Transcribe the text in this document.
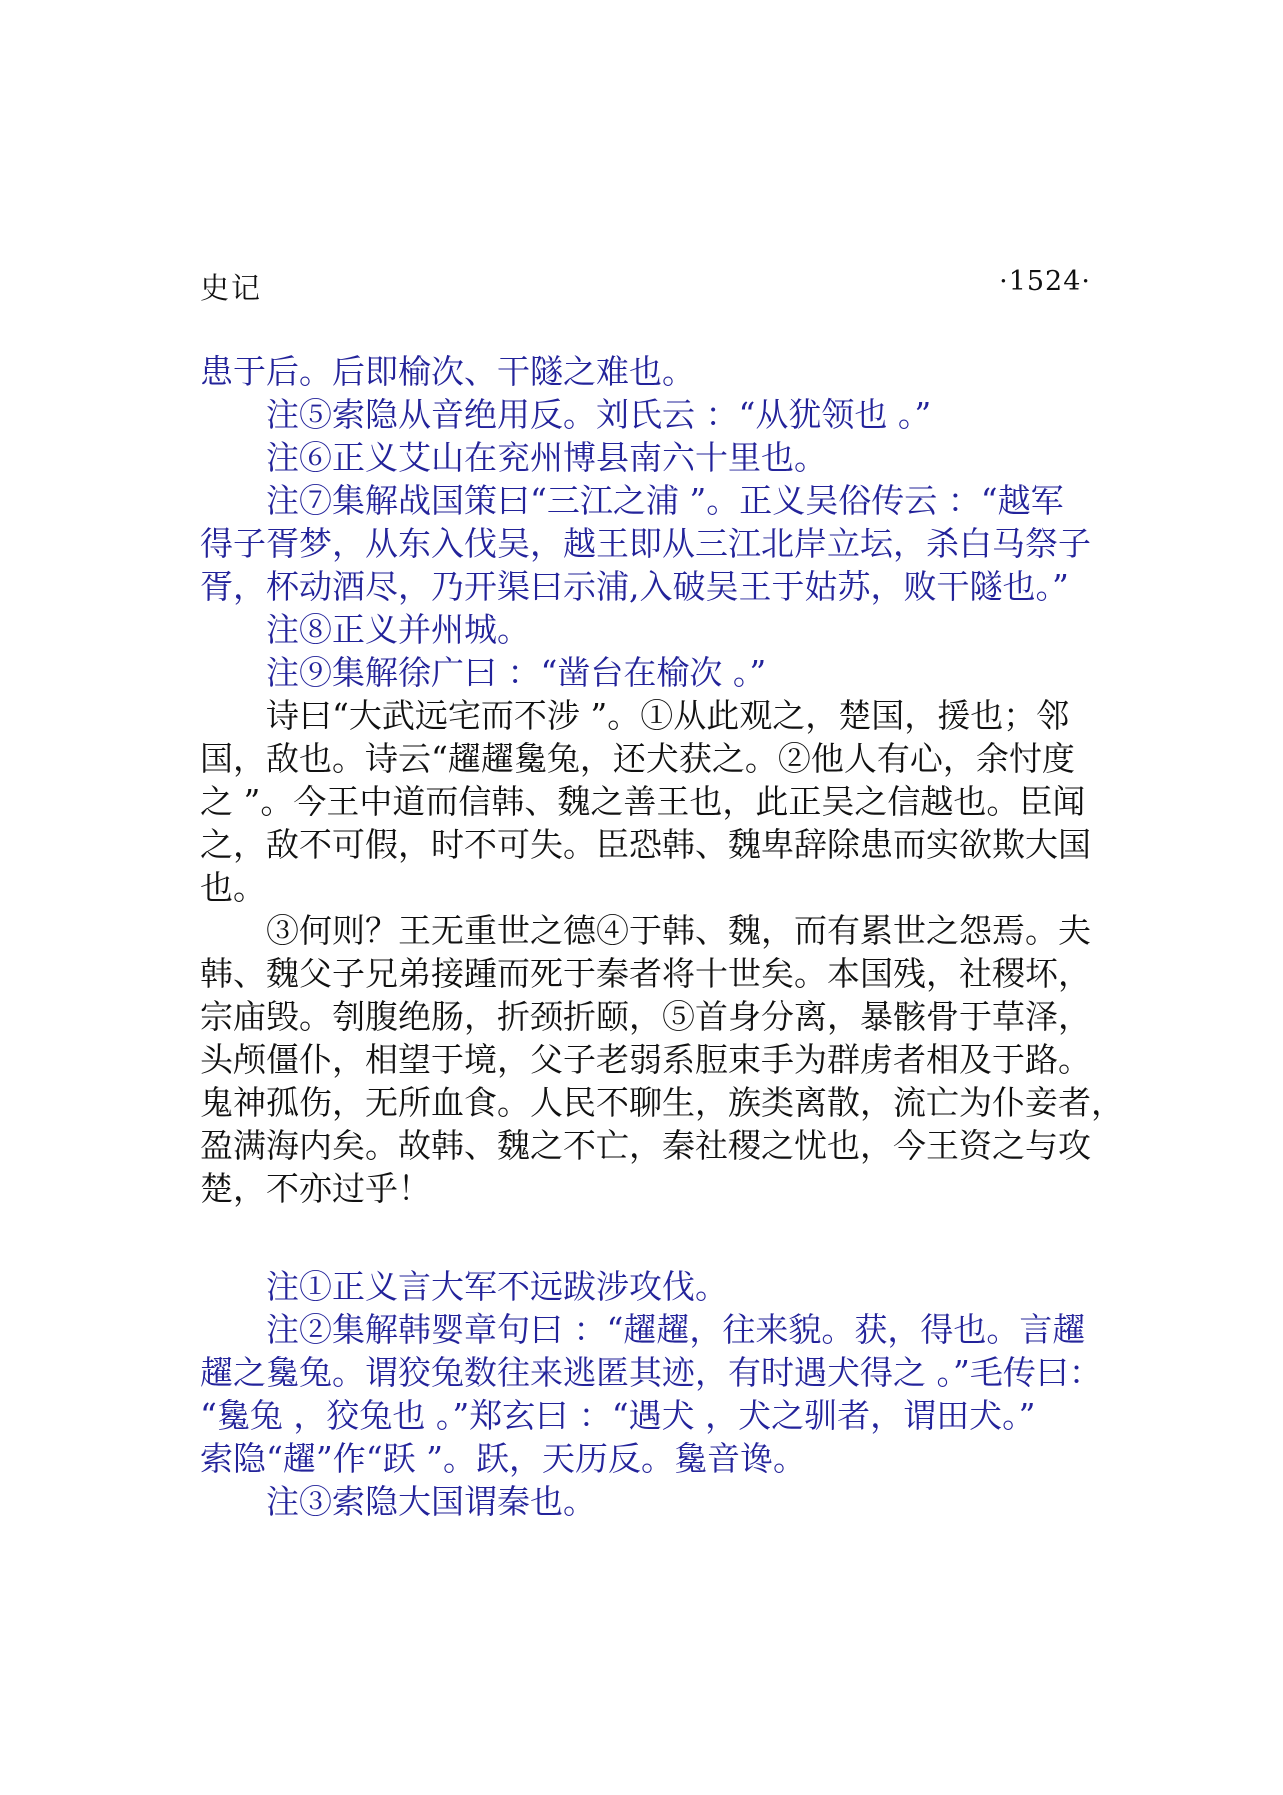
史记	·1524·
患于后。后即榆次、干隧之难也。
注⑤索隐从音绝用反。刘氏云 ：“从犹领也 。”
注⑥正义艾山在兖州博县南六十里也。
注⑦集解战国策曰“三江之浦 ”。正义吴俗传云 ：“越军
得子胥梦，从东入伐吴，越王即从三江北岸立坛，杀白马祭子
胥，杯动酒尽，乃开渠曰示浦,入破吴王于姑苏，败干隧也。”
注⑧正义并州城。
注⑨集解徐广曰 ：“凿台在榆次 。”
诗曰“大武远宅而不涉 ”。①从此观之，楚国，援也；邻
国，敌也。诗云“趯趯毚兔，还犬获之。②他人有心，余忖度
之 ”。今王中道而信韩、魏之善王也，此正吴之信越也。臣闻
之，敌不可假，时不可失。臣恐韩、魏卑辞除患而实欲欺大国
也。
③何则？王无重世之德④于韩、魏，而有累世之怨焉。夫
韩、魏父子兄弟接踵而死于秦者将十世矣。本国残，社稷坏，
宗庙毁。刳腹绝肠，折颈折颐，⑤首身分离，暴骸骨于草泽，
头颅僵仆，相望于境，父子老弱系脰束手为群虏者相及于路。
鬼神孤伤，无所血食。人民不聊生，族类离散，流亡为仆妾者，
盈满海内矣。故韩、魏之不亡，秦社稷之忧也，今王资之与攻
楚，不亦过乎！
注①正义言大军不远跋涉攻伐。
注②集解韩婴章句曰 ：“趯趯，往来貌。获，得也。言趯
趯之毚兔。谓狡兔数往来逃匿其迹，有时遇犬得之 。”毛传曰：
“毚兔 ，狡兔也 。”郑玄曰 ：“遇犬 ，犬之驯者，谓田犬。”
索隐“趯”作“跃 ”。跃，天历反。毚音谗。
注③索隐大国谓秦也。
